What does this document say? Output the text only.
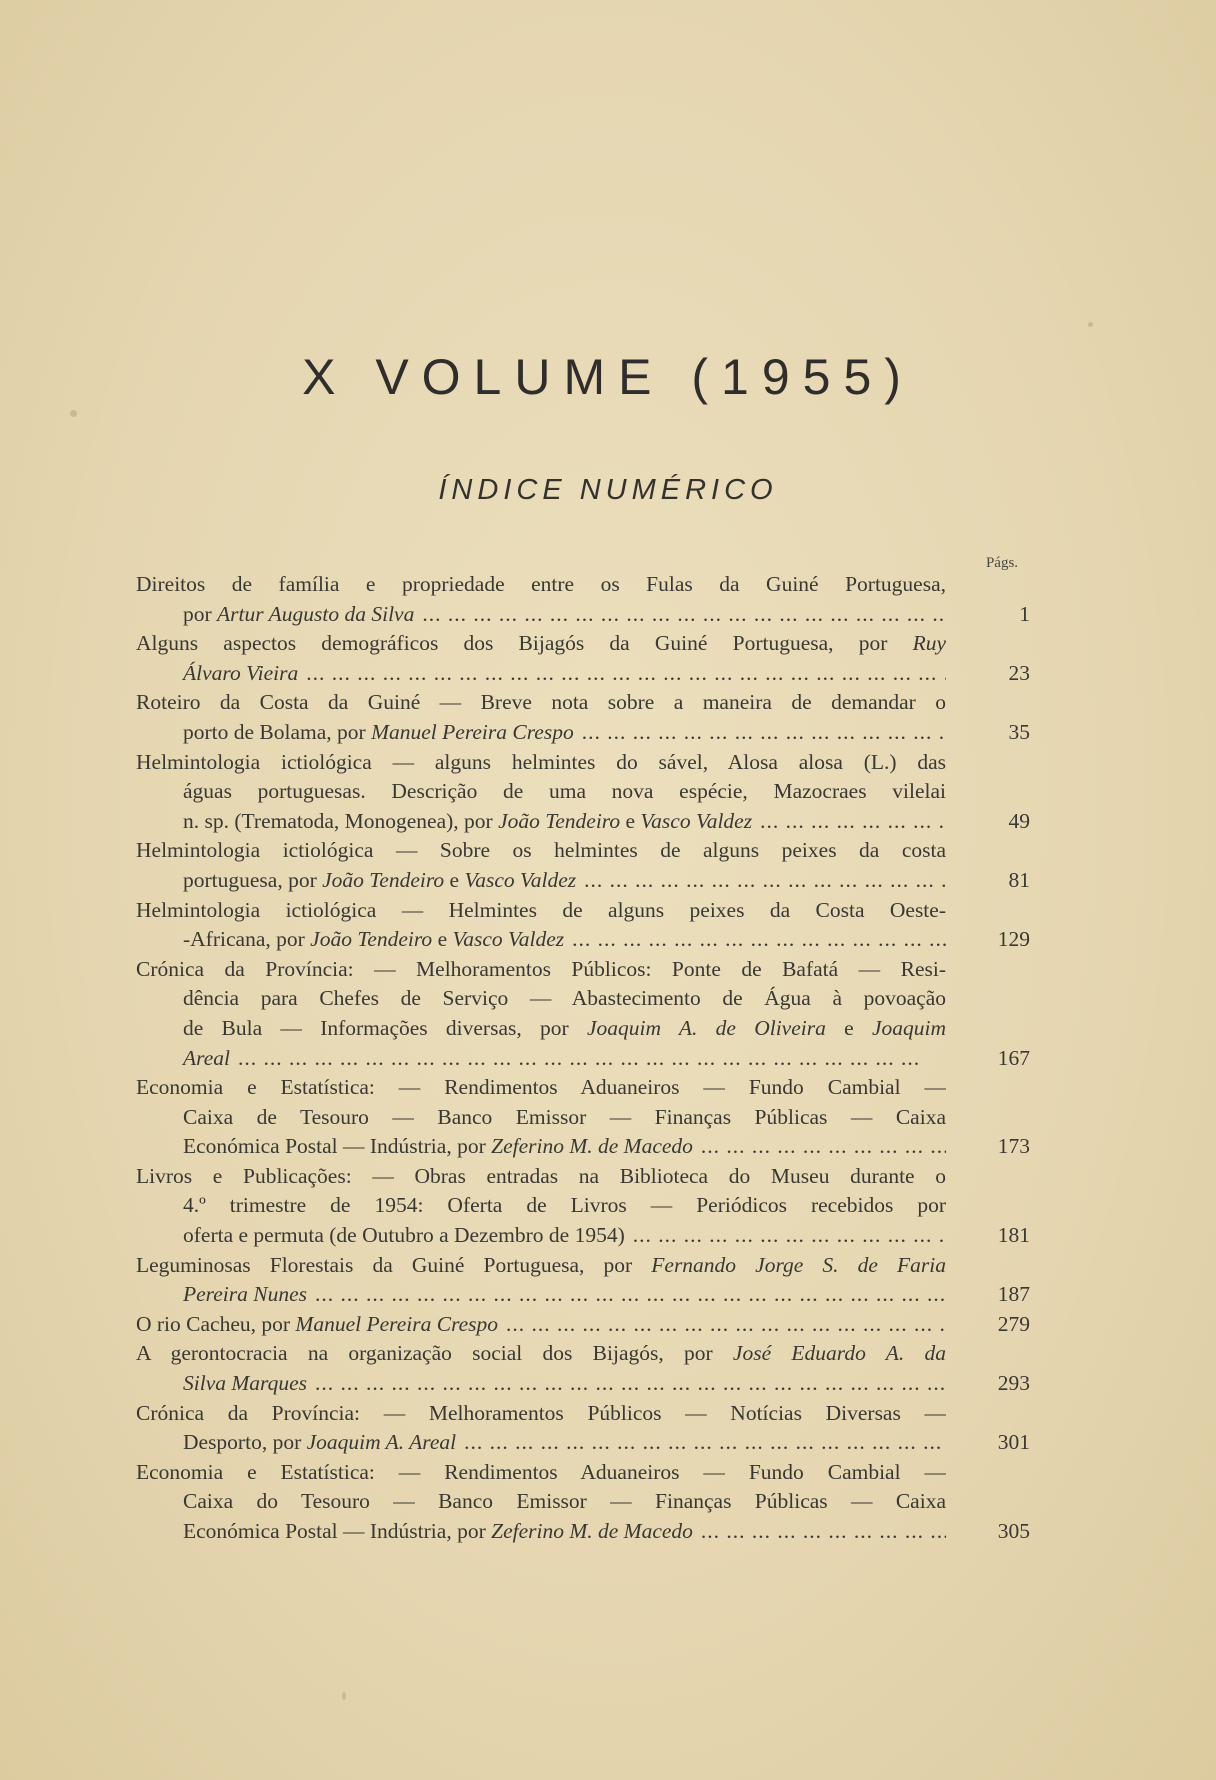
X VOLUME (1955)
ÍNDICE NUMÉRICO
Págs.
Direitos de família e propriedade entre os Fulas da Guiné Portuguesa,
por Artur Augusto da Silva ... .	1
Alguns aspectos demográficos dos Bijagós da Guiné Portuguesa, por Ruy
Álvaro Vieira ... .	23
Roteiro da Costa da Guiné — Breve nota sobre a maneira de demandar o
porto de Bolama, por Manuel Pereira Crespo ... .	35
Helmintologia ictiológica — alguns helmintes do sável, Alosa alosa (L.) das
águas portuguesas. Descrição de uma nova espécie, Mazocraes vilelai
n. sp. (Trematoda, Monogenea), por João Tendeiro e Vasco Valdez ... .	49
Helmintologia ictiológica — Sobre os helmintes de alguns peixes da costa
portuguesa, por João Tendeiro e Vasco Valdez ... .	81
Helmintologia ictiológica — Helmintes de alguns peixes da Costa Oeste-
-Africana, por João Tendeiro e Vasco Valdez ... .	129
Crónica da Província: — Melhoramentos Públicos: Ponte de Bafatá — Resi-
dência para Chefes de Serviço — Abastecimento de Água à povoação
de Bula — Informações diversas, por Joaquim A. de Oliveira e Joaquim
Areal ... .	167
Economia e Estatística: — Rendimentos Aduaneiros — Fundo Cambial —
Caixa de Tesouro — Banco Emissor — Finanças Públicas — Caixa
Económica Postal — Indústria, por Zeferino M. de Macedo ... .	173
Livros e Publicações: — Obras entradas na Biblioteca do Museu durante o
4.º trimestre de 1954: Oferta de Livros — Periódicos recebidos por
oferta e permuta (de Outubro a Dezembro de 1954) ... .	181
Leguminosas Florestais da Guiné Portuguesa, por Fernando Jorge S. de Faria
Pereira Nunes ... .	187
O rio Cacheu, por Manuel Pereira Crespo ... .	279
A gerontocracia na organização social dos Bijagós, por José Eduardo A. da
Silva Marques ... .	293
Crónica da Província: — Melhoramentos Públicos — Notícias Diversas —
Desporto, por Joaquim A. Areal ... .	301
Economia e Estatística: — Rendimentos Aduaneiros — Fundo Cambial —
Caixa do Tesouro — Banco Emissor — Finanças Públicas — Caixa
Económica Postal — Indústria, por Zeferino M. de Macedo ... .	305
